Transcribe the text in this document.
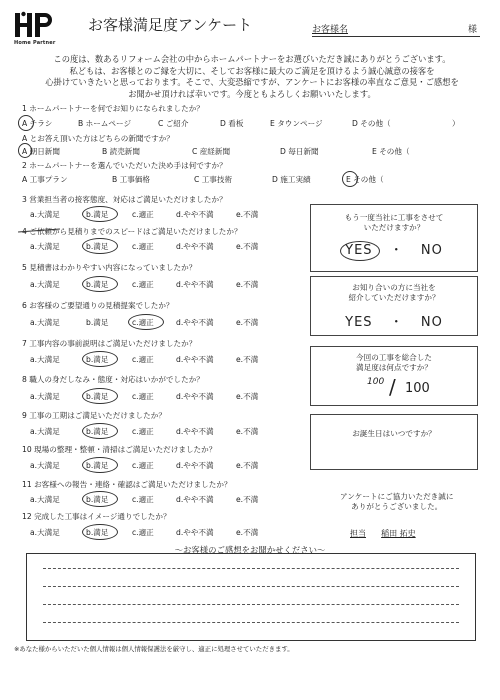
Home Partner
お客様満足度アンケート	お客様名	様
この度は、数あるリフォーム会社の中からホームパートナーをお選びいただき誠にありがとうございます。
私どもは、お客様とのご縁を大切に、そしてお客様に最大のご満足を頂けるよう誠心誠意の接客を
心掛けていきたいと思っております。そこで、大変恐縮ですが、アンケートにお客様の率直なご意見・ご感想を
お聞かせ頂ければ幸いです。今度ともよろしくお願いいたします。
1 ホームパートナーを何でお知りになられましたか？
A チラシ	B ホームページ	C ご紹介	D 看板	E タウンページ	D その他（	）
A とお答え頂いた方はどちらの新聞ですか？
A 朝日新聞	B 読売新聞	C 産経新聞	D 毎日新聞	E その他（
2 ホームパートナーを選んでいただいた決め手は何ですか？
A 工事プラン	B 工事価格	C 工事技術	D 施工実績	E その他（
3 営業担当者の接客態度、対応はご満足いただけましたか？
a.大満足	b.満足	c.適正	d.やや不満	e.不満
4 ご依頼から見積りまでのスピードはご満足いただけましたか？
a.大満足	b.満足	c.適正	d.やや不満	e.不満
5 見積書はわかりやすい内容になっていましたか？
a.大満足	b.満足	c.適正	d.やや不満	e.不満
6 お客様のご要望通りの見積提案でしたか？
a.大満足	b.満足	c.適正	d.やや不満	e.不満
7 工事内容の事前説明はご満足いただけましたか？
a.大満足	b.満足	c.適正	d.やや不満	e.不満
8 職人の身だしなみ・態度・対応はいかがでしたか？
a.大満足	b.満足	c.適正	d.やや不満	e.不満
9 工事の工期はご満足いただけましたか？
a.大満足	b.満足	c.適正	d.やや不満	e.不満
10 現場の整理・整頓・清掃はご満足いただけましたか？
a.大満足	b.満足	c.適正	d.やや不満	e.不満
11 お客様への報告・連絡・確認はご満足いただけましたか？
a.大満足	b.満足	c.適正	d.やや不満	e.不満
12 完成した工事はイメージ通りでしたか？
a.大満足	b.満足	c.適正	d.やや不満	e.不満
もう一度当社に工事をさせて
いただけますか？
YES ・ NO
お知り合いの方に当社を
紹介していただけますか？
YES ・ NO
今回の工事を総合した
満足度は何点ですか？
100 / 100
お誕生日はいつですか？
アンケートにご協力いただき誠に
ありがとうございました。
担当 稲田 拓史
～お客様のご感想をお聞かせください～
※あなた様からいただいた個人情報は個人情報保護法を厳守し、適正に処理させていただきます。
